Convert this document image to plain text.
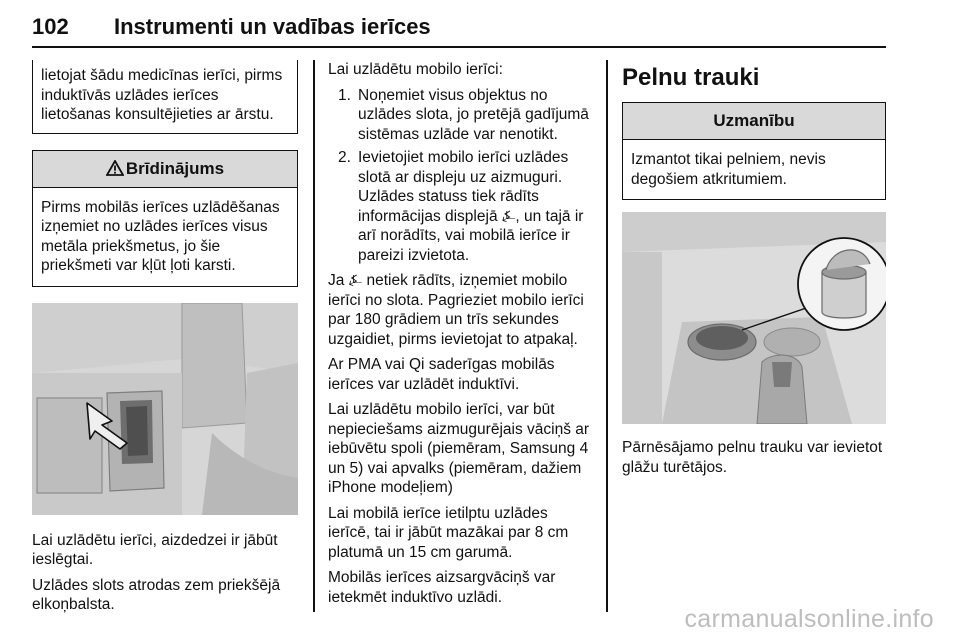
102 Instrumenti un vadības ierīces
lietojat šādu medicīnas ierīci, pirms induktīvās uzlādes ierīces lietošanas konsultējieties ar ārstu.
Brīdinājums
Pirms mobilās ierīces uzlādēšanas izņemiet no uzlādes ierīces visus metāla priekšmetus, jo šie priekšmeti var kļūt ļoti karsti.

Lai uzlādētu ierīci, aizdedzei ir jābūt ieslēgtai.

Uzlādes slots atrodas zem priekšējā elkoņbalsta.

Lai uzlādētu mobilo ierīci:

1. Noņemiet visus objektus no uzlādes slota, jo pretējā gadījumā sistēmas uzlāde var nenotikt.
2. Ievietojiet mobilo ierīci uzlādes slotā ar displeju uz aizmuguri. Uzlādes statuss tiek rādīts informācijas displejā ⍼, un tajā ir arī norādīts, vai mobilā ierīce ir pareizi izvietota.

Ja ⍼ netiek rādīts, izņemiet mobilo ierīci no slota. Pagrieziet mobilo ierīci par 180 grādiem un trīs sekundes uzgaidiet, pirms ievietojat to atpakaļ.

Ar PMA vai Qi saderīgas mobilās ierīces var uzlādēt induktīvi.

Lai uzlādētu mobilo ierīci, var būt nepieciešams aizmugurējais vāciņš ar iebūvētu spoli (piemēram, Samsung 4 un 5) vai apvalks (piemēram, dažiem iPhone modeļiem)

Lai mobilā ierīce ietilptu uzlādes ierīcē, tai ir jābūt mazākai par 8 cm platumā un 15 cm garumā.

Mobilās ierīces aizsargvāciņš var ietekmēt induktīvo uzlādi.

Pelnu trauki
Uzmanību
Izmantot tikai pelniem, nevis degošiem atkritumiem.

Pārnēsājamo pelnu trauku var ievietot glāžu turētājos.

carmanualsonline.info
